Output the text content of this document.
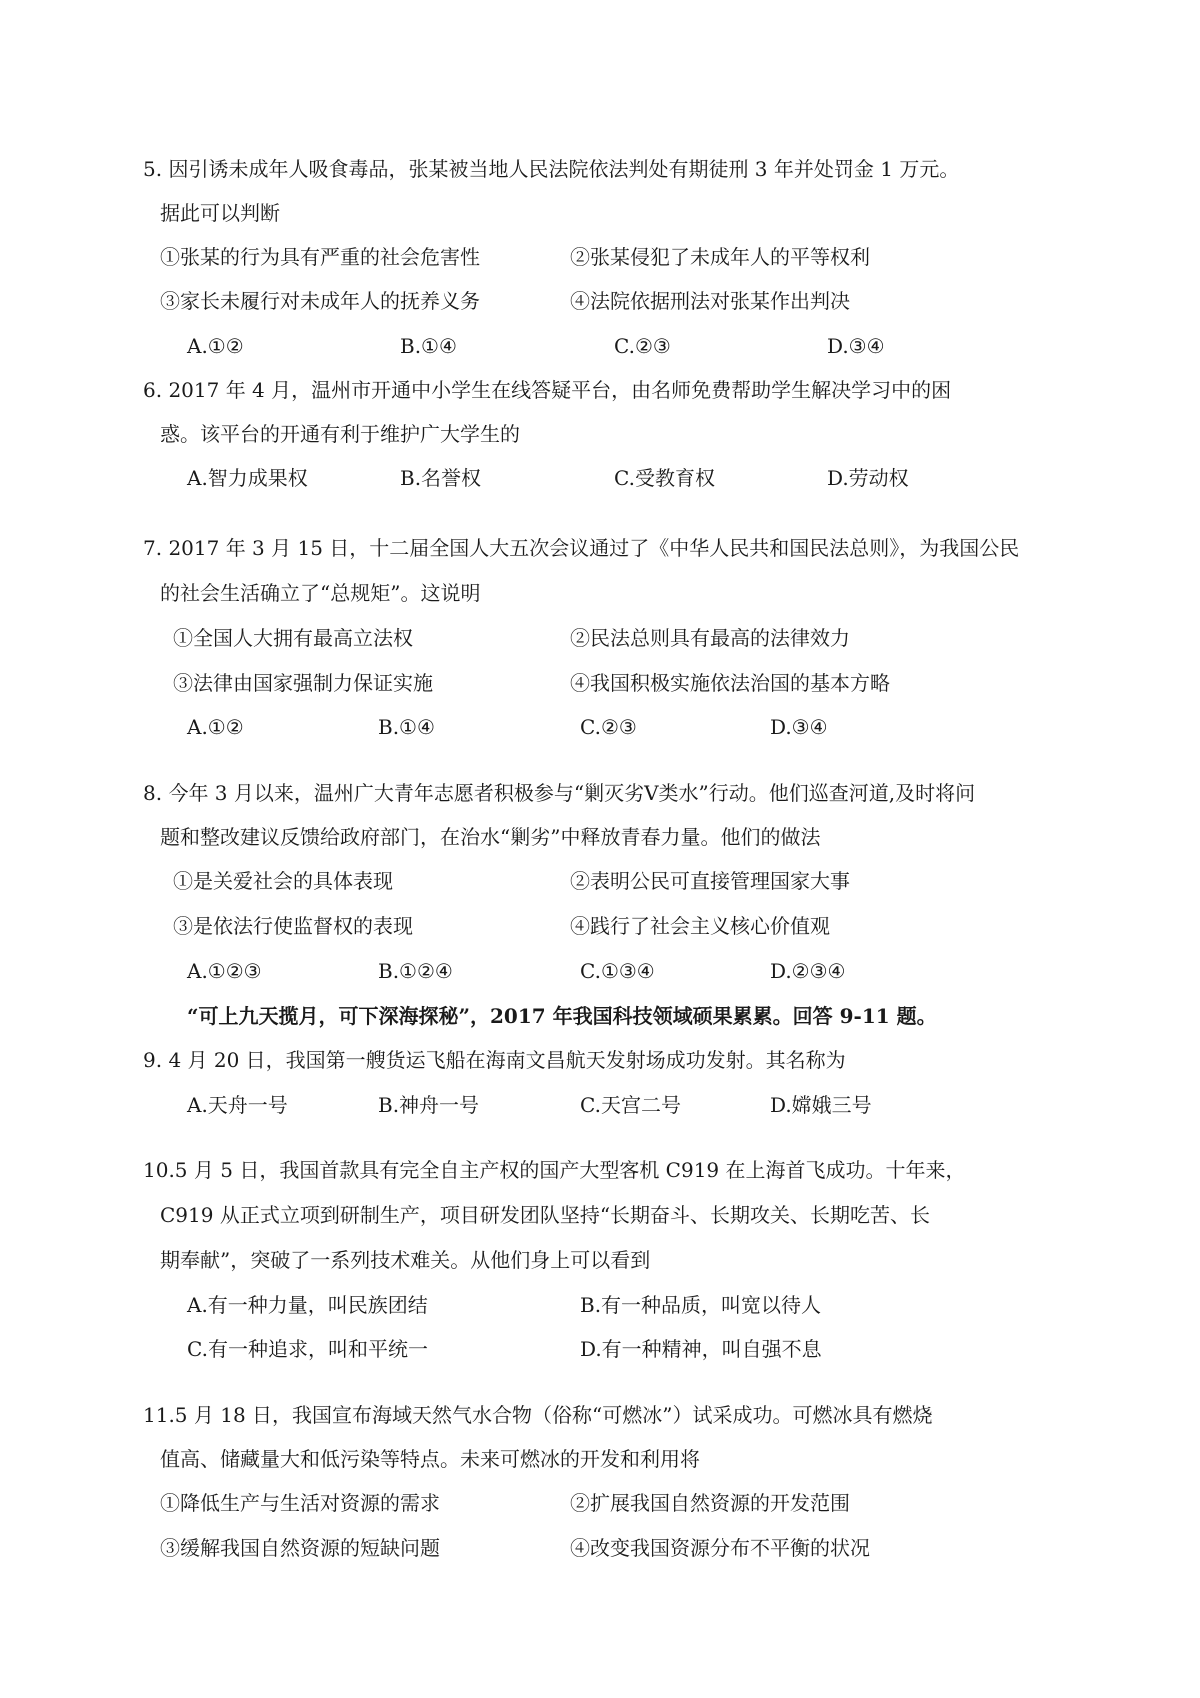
5. 因引诱未成年人吸食毒品，张某被当地人民法院依法判处有期徒刑 3 年并处罚金 1 万元。
据此可以判断
①张某的行为具有严重的社会危害性	②张某侵犯了未成年人的平等权利
③家长未履行对未成年人的抚养义务	④法院依据刑法对张某作出判决
A.①②	B.①④	C.②③	D.③④
6. 2017 年 4 月，温州市开通中小学生在线答疑平台，由名师免费帮助学生解决学习中的困
惑。该平台的开通有利于维护广大学生的
A.智力成果权	B.名誉权	C.受教育权	D.劳动权
7. 2017 年 3 月 15 日，十二届全国人大五次会议通过了《中华人民共和国民法总则》，为我国公民
的社会生活确立了“总规矩”。这说明
①全国人大拥有最高立法权	②民法总则具有最高的法律效力
③法律由国家强制力保证实施	④我国积极实施依法治国的基本方略
A.①②	B.①④	C.②③	D.③④
8. 今年 3 月以来，温州广大青年志愿者积极参与“剿灭劣Ⅴ类水”行动。他们巡查河道,及时将问
题和整改建议反馈给政府部门，在治水“剿劣”中释放青春力量。他们的做法
①是关爱社会的具体表现	②表明公民可直接管理国家大事
③是依法行使监督权的表现	④践行了社会主义核心价值观
A.①②③	B.①②④	C.①③④	D.②③④
“可上九天揽月，可下深海探秘”，2017 年我国科技领域硕果累累。回答 9-11 题。
9. 4 月 20 日，我国第一艘货运飞船在海南文昌航天发射场成功发射。其名称为
A.天舟一号	B.神舟一号	C.天宫二号	D.嫦娥三号
10.5 月 5 日，我国首款具有完全自主产权的国产大型客机 C919 在上海首飞成功。十年来，
C919 从正式立项到研制生产，项目研发团队坚持“长期奋斗、长期攻关、长期吃苦、长
期奉献”，突破了一系列技术难关。从他们身上可以看到
A.有一种力量，叫民族团结	B.有一种品质，叫宽以待人
C.有一种追求，叫和平统一	D.有一种精神，叫自强不息
11.5 月 18 日，我国宣布海域天然气水合物（俗称“可燃冰”）试采成功。可燃冰具有燃烧
值高、储藏量大和低污染等特点。未来可燃冰的开发和利用将
①降低生产与生活对资源的需求	②扩展我国自然资源的开发范围
③缓解我国自然资源的短缺问题	④改变我国资源分布不平衡的状况
